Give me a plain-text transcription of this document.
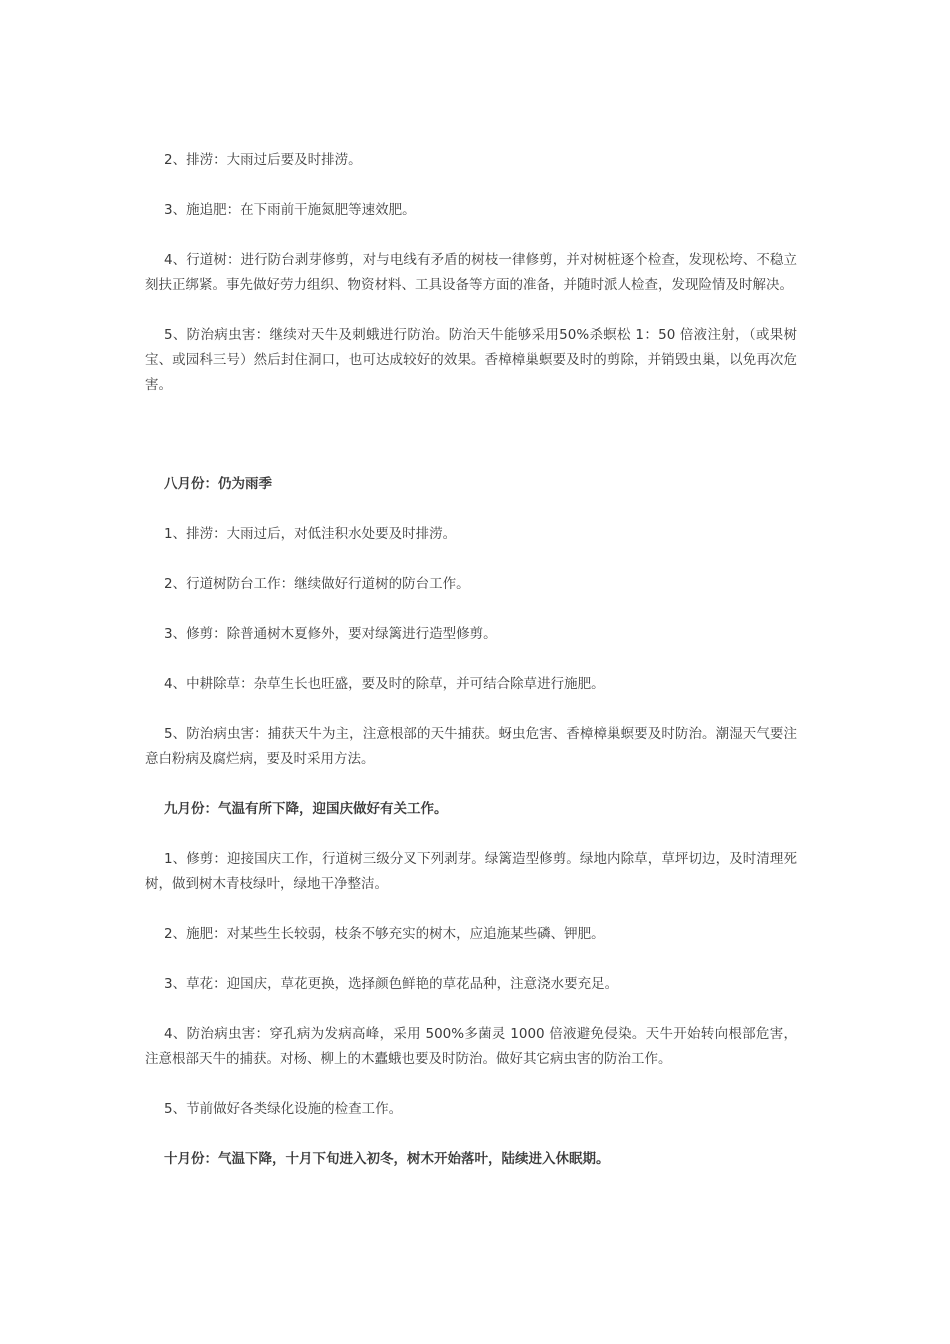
2、排涝：大雨过后要及时排涝。

3、施追肥：在下雨前干施氮肥等速效肥。

4、行道树：进行防台剥芽修剪，对与电线有矛盾的树枝一律修剪，并对树桩逐个检查，发现松垮、不稳立刻扶正绑紧。事先做好劳力组织、物资材料、工具设备等方面的准备，并随时派人检查，发现险情及时解决。

5、防治病虫害：继续对天牛及刺蛾进行防治。防治天牛能够采用50%杀螟松 1：50 倍液注射，（或果树宝、或园科三号）然后封住洞口，也可达成较好的效果。香樟樟巢螟要及时的剪除，并销毁虫巢，以免再次危害。

八月份：仍为雨季

1、排涝：大雨过后，对低洼积水处要及时排涝。

2、行道树防台工作：继续做好行道树的防台工作。

3、修剪：除普通树木夏修外，要对绿篱进行造型修剪。

4、中耕除草：杂草生长也旺盛，要及时的除草，并可结合除草进行施肥。

5、防治病虫害：捕获天牛为主，注意根部的天牛捕获。蚜虫危害、香樟樟巢螟要及时防治。潮湿天气要注意白粉病及腐烂病，要及时采用方法。

九月份：气温有所下降，迎国庆做好有关工作。

1、修剪：迎接国庆工作，行道树三级分叉下列剥芽。绿篱造型修剪。绿地内除草，草坪切边，及时清理死树，做到树木青枝绿叶，绿地干净整洁。

2、施肥：对某些生长较弱，枝条不够充实的树木，应追施某些磷、钾肥。

3、草花：迎国庆，草花更换，选择颜色鲜艳的草花品种，注意浇水要充足。

4、防治病虫害：穿孔病为发病高峰，采用 500%多菌灵 1000 倍液避免侵染。天牛开始转向根部危害，注意根部天牛的捕获。对杨、柳上的木蠹蛾也要及时防治。做好其它病虫害的防治工作。

5、节前做好各类绿化设施的检查工作。

十月份：气温下降，十月下旬进入初冬，树木开始落叶，陆续进入休眠期。
